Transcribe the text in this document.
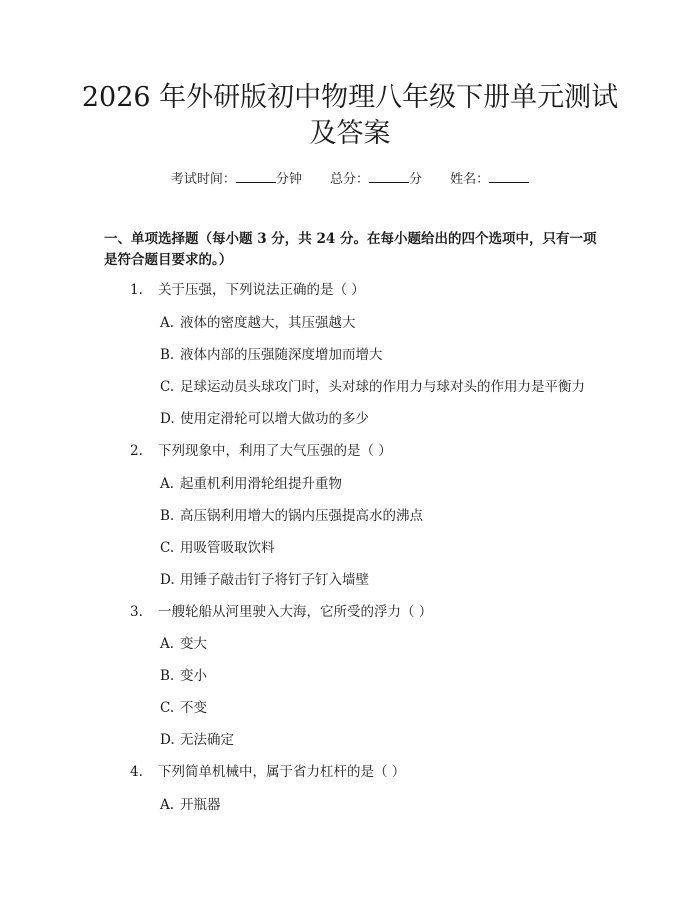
2026 年外研版初中物理八年级下册单元测试
及答案
考试时间：	分钟 总分：	分 姓名：

一、单项选择题（每小题 3 分，共 24 分。在每小题给出的四个选项中，只有一项是符合题目要求的。）

1. 关于压强，下列说法正确的是（ ）
A. 液体的密度越大，其压强越大
B. 液体内部的压强随深度增加而增大
C. 足球运动员头球攻门时，头对球的作用力与球对头的作用力是平衡力
D. 使用定滑轮可以增大做功的多少
2. 下列现象中，利用了大气压强的是（ ）
A. 起重机利用滑轮组提升重物
B. 高压锅利用增大的锅内压强提高水的沸点
C. 用吸管吸取饮料
D. 用锤子敲击钉子将钉子钉入墙壁
3. 一艘轮船从河里驶入大海，它所受的浮力（ ）
A. 变大
B. 变小
C. 不变
D. 无法确定
4. 下列简单机械中，属于省力杠杆的是（ ）
A. 开瓶器
